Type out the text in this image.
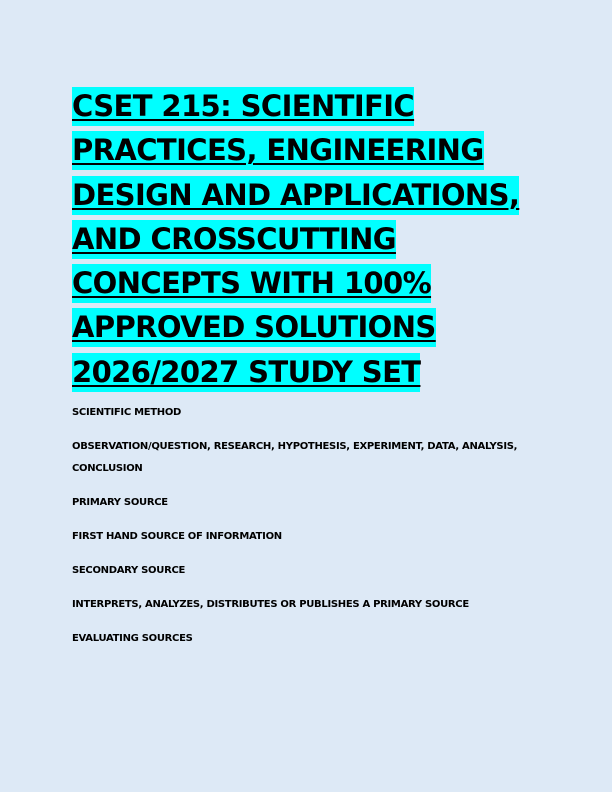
CSET 215: SCIENTIFIC PRACTICES, ENGINEERING DESIGN AND APPLICATIONS, AND CROSSCUTTING CONCEPTS WITH 100% APPROVED SOLUTIONS 2026/2027 STUDY SET

SCIENTIFIC METHOD

OBSERVATION/QUESTION, RESEARCH, HYPOTHESIS, EXPERIMENT, DATA, ANALYSIS, CONCLUSION

PRIMARY SOURCE

FIRST HAND SOURCE OF INFORMATION

SECONDARY SOURCE

INTERPRETS, ANALYZES, DISTRIBUTES OR PUBLISHES A PRIMARY SOURCE

EVALUATING SOURCES
